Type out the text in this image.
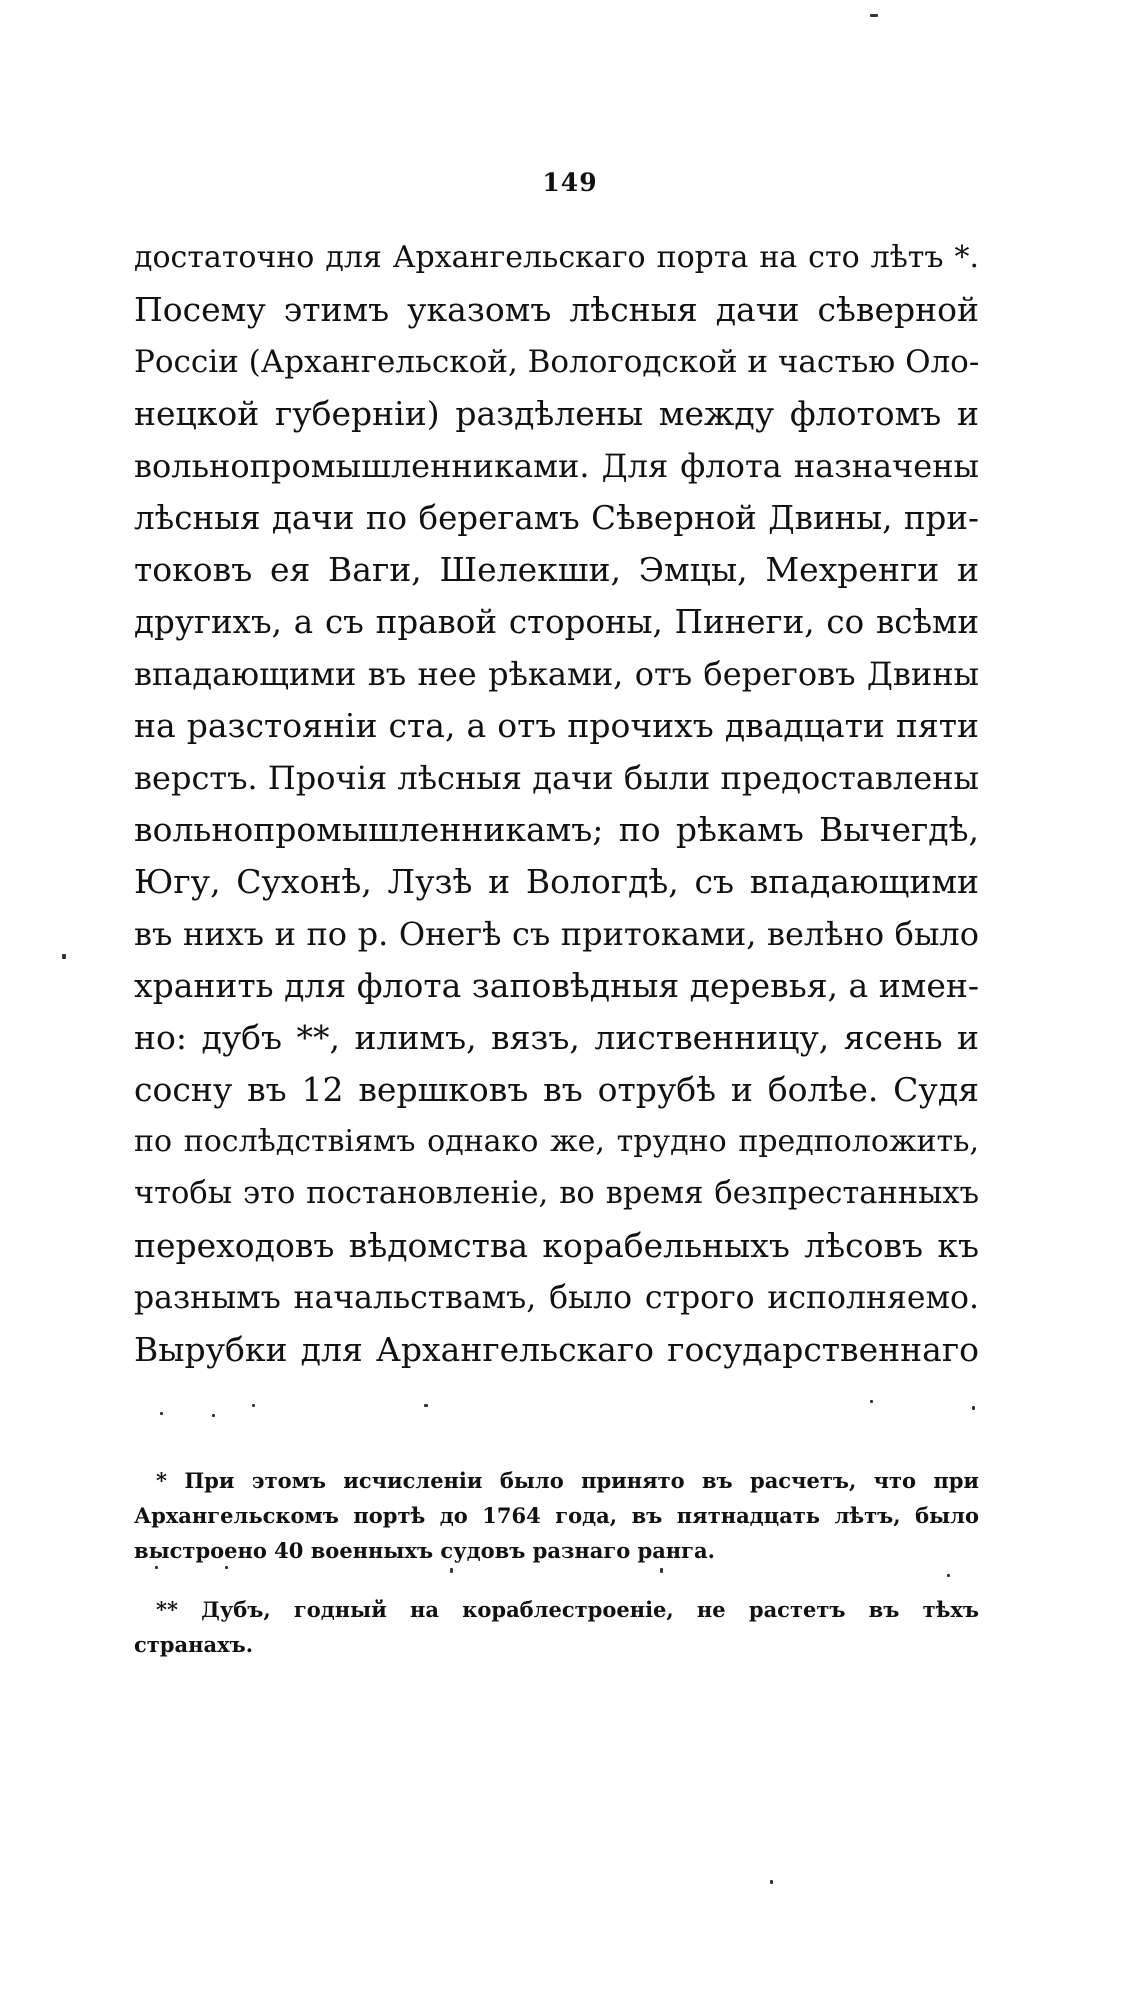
149
достаточно для Архангельскаго порта на сто лѣтъ *.
Посему этимъ указомъ лѣсныя дачи сѣверной
Россіи (Архангельской, Вологодской и частью Оло-
нецкой губерніи) раздѣлены между флотомъ и
вольнопромышленниками. Для флота назначены
лѣсныя дачи по берегамъ Сѣверной Двины, при-
токовъ ея Ваги, Шелекши, Эмцы, Мехренги и
другихъ, а съ правой стороны, Пинеги, со всѣми
впадающими въ нее рѣками, отъ береговъ Двины
на разстояніи ста, а отъ прочихъ двадцати пяти
верстъ. Прочія лѣсныя дачи были предоставлены
вольнопромышленникамъ; по рѣкамъ Вычегдѣ,
Югу, Сухонѣ, Лузѣ и Вологдѣ, съ впадающими
въ нихъ и по р. Онегѣ съ притоками, велѣно было
хранить для флота заповѣдныя деревья, а имен-
но: дубъ **, илимъ, вязъ, лиственницу, ясень и
сосну въ 12 вершковъ въ отрубѣ и болѣе. Судя
по послѣдствіямъ однако же, трудно предположить,
чтобы это постановленіе, во время безпрестанныхъ
переходовъ вѣдомства корабельныхъ лѣсовъ къ
разнымъ начальствамъ, было строго исполняемо.
Вырубки для Архангельскаго государственнаго
* При этомъ исчисленіи было принято въ расчетъ, что при
Архангельскомъ портѣ до 1764 года, въ пятнадцать лѣтъ, было
выстроено 40 военныхъ судовъ разнаго ранга.
** Дубъ, годный на кораблестроеніе, не растетъ въ тѣхъ
странахъ.
